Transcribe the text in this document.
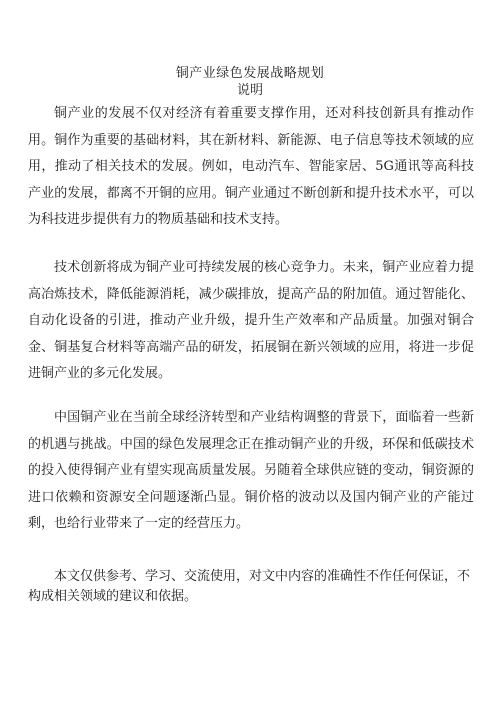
铜产业绿色发展战略规划
说明

铜产业的发展不仅对经济有着重要支撑作用，还对科技创新具有推动作用。铜作为重要的基础材料，其在新材料、新能源、电子信息等技术领域的应用，推动了相关技术的发展。例如，电动汽车、智能家居、5G通讯等高科技产业的发展，都离不开铜的应用。铜产业通过不断创新和提升技术水平，可以为科技进步提供有力的物质基础和技术支持。

技术创新将成为铜产业可持续发展的核心竞争力。未来，铜产业应着力提高冶炼技术，降低能源消耗，减少碳排放，提高产品的附加值。通过智能化、自动化设备的引进，推动产业升级，提升生产效率和产品质量。加强对铜合金、铜基复合材料等高端产品的研发，拓展铜在新兴领域的应用，将进一步促进铜产业的多元化发展。

中国铜产业在当前全球经济转型和产业结构调整的背景下，面临着一些新的机遇与挑战。中国的绿色发展理念正在推动铜产业的升级，环保和低碳技术的投入使得铜产业有望实现高质量发展。另随着全球供应链的变动，铜资源的进口依赖和资源安全问题逐渐凸显。铜价格的波动以及国内铜产业的产能过剩，也给行业带来了一定的经营压力。

本文仅供参考、学习、交流使用，对文中内容的准确性不作任何保证，不构成相关领域的建议和依据。
